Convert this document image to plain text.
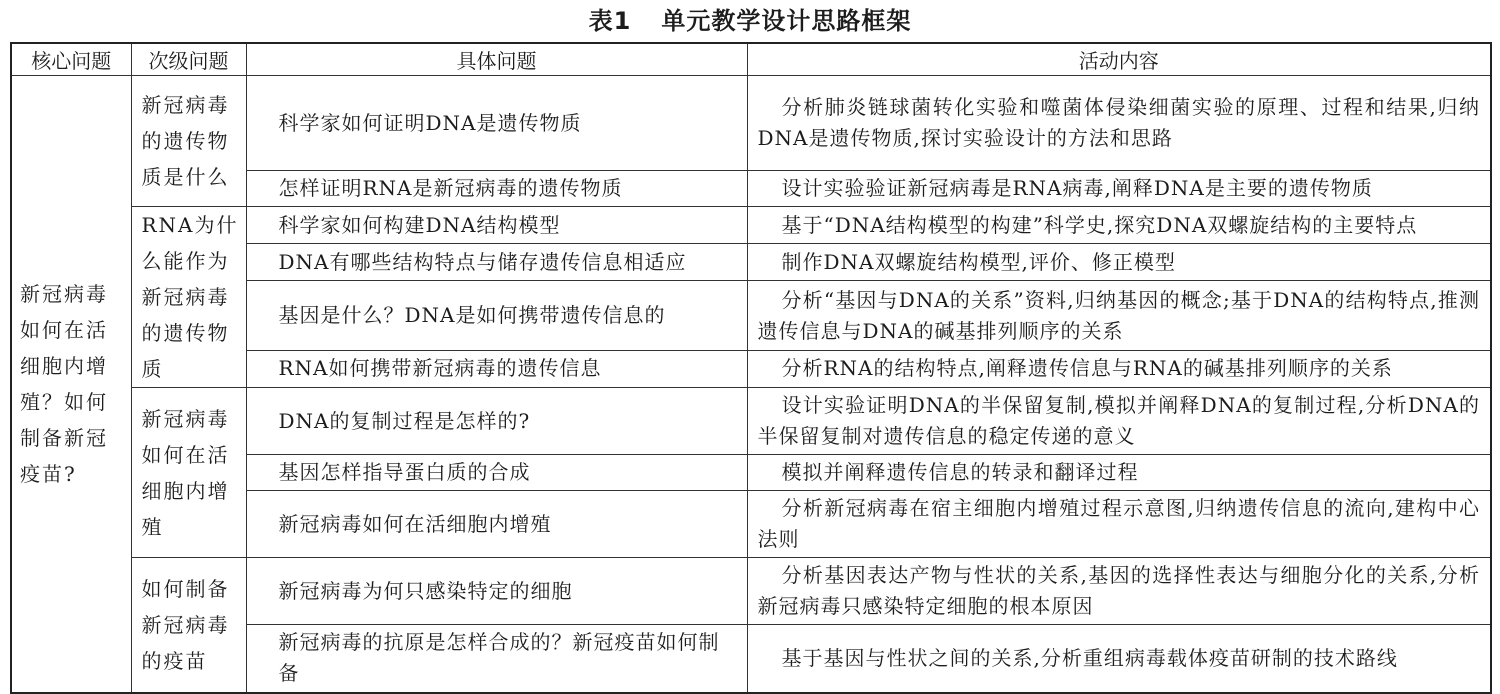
表1 单元教学设计思路框架
核心问题	次级问题	具体问题	活动内容
新冠病毒如何在活细胞内增殖？如何制备新冠疫苗?	新冠病毒的遗传物质是什么	科学家如何证明DNA是遗传物质	分析肺炎链球菌转化实验和噬菌体侵染细菌实验的原理、过程和结果,归纳DNA是遗传物质,探讨实验设计的方法和思路
		怎样证明RNA是新冠病毒的遗传物质	设计实验验证新冠病毒是RNA病毒,阐释DNA是主要的遗传物质
	RNA为什么能作为新冠病毒的遗传物质	科学家如何构建DNA结构模型	基于“DNA结构模型的构建”科学史,探究DNA双螺旋结构的主要特点
		DNA有哪些结构特点与储存遗传信息相适应	制作DNA双螺旋结构模型,评价、修正模型
		基因是什么？DNA是如何携带遗传信息的	分析“基因与DNA的关系”资料,归纳基因的概念;基于DNA的结构特点,推测遗传信息与DNA的碱基排列顺序的关系
		RNA如何携带新冠病毒的遗传信息	分析RNA的结构特点,阐释遗传信息与RNA的碱基排列顺序的关系
	新冠病毒如何在活细胞内增殖	DNA的复制过程是怎样的?	设计实验证明DNA的半保留复制,模拟并阐释DNA的复制过程,分析DNA的半保留复制对遗传信息的稳定传递的意义
		基因怎样指导蛋白质的合成	模拟并阐释遗传信息的转录和翻译过程
		新冠病毒如何在活细胞内增殖	分析新冠病毒在宿主细胞内增殖过程示意图,归纳遗传信息的流向,建构中心法则
	如何制备新冠病毒的疫苗	新冠病毒为何只感染特定的细胞	分析基因表达产物与性状的关系,基因的选择性表达与细胞分化的关系,分析新冠病毒只感染特定细胞的根本原因
		新冠病毒的抗原是怎样合成的？新冠疫苗如何制备	基于基因与性状之间的关系,分析重组病毒载体疫苗研制的技术路线
